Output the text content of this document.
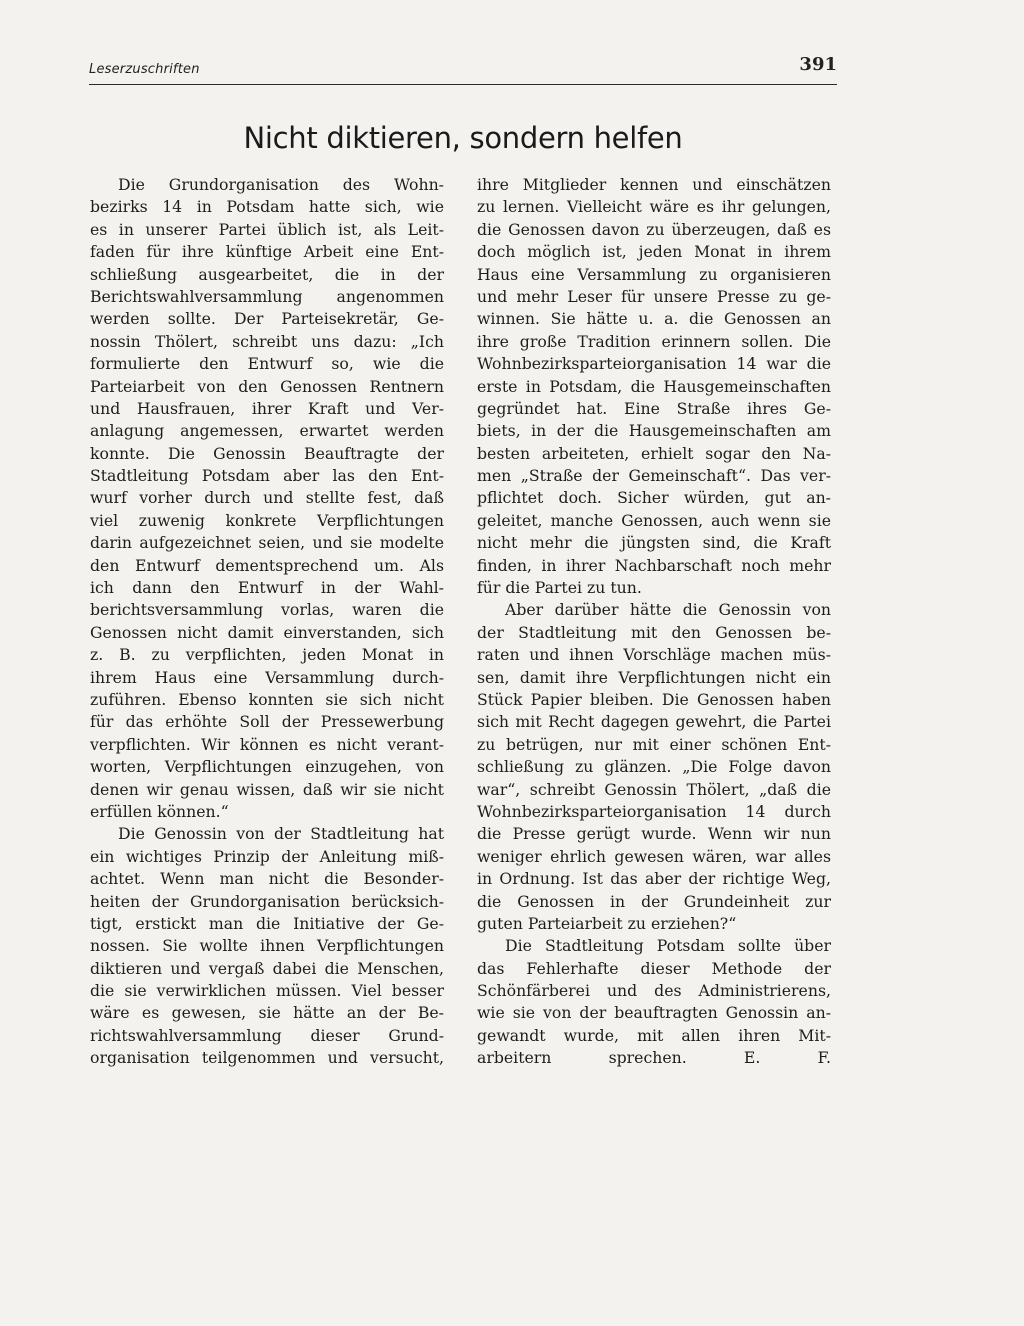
Leserzuschriften	391
Nicht diktieren, sondern helfen
Die Grundorganisation des Wohn-
bezirks 14 in Potsdam hatte sich, wie
es in unserer Partei üblich ist, als Leit-
faden für ihre künftige Arbeit eine Ent-
schließung ausgearbeitet, die in der
Berichtswahlversammlung angenommen
werden sollte. Der Parteisekretär, Ge-
nossin Thölert, schreibt uns dazu: „Ich
formulierte den Entwurf so, wie die
Parteiarbeit von den Genossen Rentnern
und Hausfrauen, ihrer Kraft und Ver-
anlagung angemessen, erwartet werden
konnte. Die Genossin Beauftragte der
Stadtleitung Potsdam aber las den Ent-
wurf vorher durch und stellte fest, daß
viel zuwenig konkrete Verpflichtungen
darin aufgezeichnet seien, und sie modelte
den Entwurf dementsprechend um. Als
ich dann den Entwurf in der Wahl-
berichtsversammlung vorlas, waren die
Genossen nicht damit einverstanden, sich
z. B. zu verpflichten, jeden Monat in
ihrem Haus eine Versammlung durch-
zuführen. Ebenso konnten sie sich nicht
für das erhöhte Soll der Pressewerbung
verpflichten. Wir können es nicht verant-
worten, Verpflichtungen einzugehen, von
denen wir genau wissen, daß wir sie nicht
erfüllen können.“
Die Genossin von der Stadtleitung hat
ein wichtiges Prinzip der Anleitung miß-
achtet. Wenn man nicht die Besonder-
heiten der Grundorganisation berücksich-
tigt, erstickt man die Initiative der Ge-
nossen. Sie wollte ihnen Verpflichtungen
diktieren und vergaß dabei die Menschen,
die sie verwirklichen müssen. Viel besser
wäre es gewesen, sie hätte an der Be-
richtswahlversammlung dieser Grund-
organisation teilgenommen und versucht,
ihre Mitglieder kennen und einschätzen
zu lernen. Vielleicht wäre es ihr gelungen,
die Genossen davon zu überzeugen, daß es
doch möglich ist, jeden Monat in ihrem
Haus eine Versammlung zu organisieren
und mehr Leser für unsere Presse zu ge-
winnen. Sie hätte u. a. die Genossen an
ihre große Tradition erinnern sollen. Die
Wohnbezirksparteiorganisation 14 war die
erste in Potsdam, die Hausgemeinschaften
gegründet hat. Eine Straße ihres Ge-
biets, in der die Hausgemeinschaften am
besten arbeiteten, erhielt sogar den Na-
men „Straße der Gemeinschaft“. Das ver-
pflichtet doch. Sicher würden, gut an-
geleitet, manche Genossen, auch wenn sie
nicht mehr die jüngsten sind, die Kraft
finden, in ihrer Nachbarschaft noch mehr
für die Partei zu tun.
Aber darüber hätte die Genossin von
der Stadtleitung mit den Genossen be-
raten und ihnen Vorschläge machen müs-
sen, damit ihre Verpflichtungen nicht ein
Stück Papier bleiben. Die Genossen haben
sich mit Recht dagegen gewehrt, die Partei
zu betrügen, nur mit einer schönen Ent-
schließung zu glänzen. „Die Folge davon
war“, schreibt Genossin Thölert, „daß die
Wohnbezirksparteiorganisation 14 durch
die Presse gerügt wurde. Wenn wir nun
weniger ehrlich gewesen wären, war alles
in Ordnung. Ist das aber der richtige Weg,
die Genossen in der Grundeinheit zur
guten Parteiarbeit zu erziehen?“
Die Stadtleitung Potsdam sollte über
das Fehlerhafte dieser Methode der
Schönfärberei und des Administrierens,
wie sie von der beauftragten Genossin an-
gewandt wurde, mit allen ihren Mit-
arbeitern sprechen. E. F.
